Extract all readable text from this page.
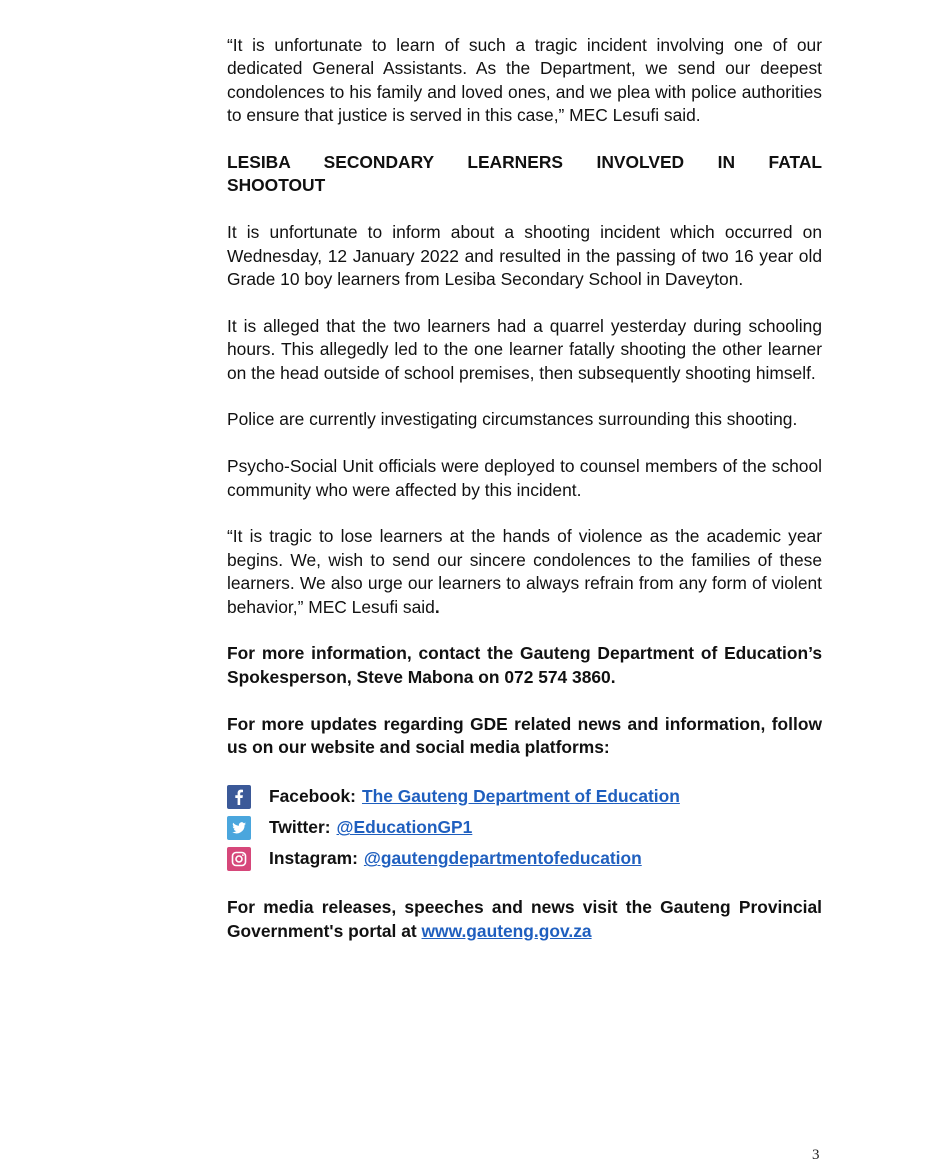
“It is unfortunate to learn of such a tragic incident involving one of our dedicated General Assistants. As the Department, we send our deepest condolences to his family and loved ones, and we plea with police authorities to ensure that justice is served in this case,” MEC Lesufi said.

LESIBA SECONDARY LEARNERS INVOLVED IN FATAL
SHOOTOUT

It is unfortunate to inform about a shooting incident which occurred on Wednesday, 12 January 2022 and resulted in the passing of two 16 year old Grade 10 boy learners from Lesiba Secondary School in Daveyton.

It is alleged that the two learners had a quarrel yesterday during schooling hours. This allegedly led to the one learner fatally shooting the other learner on the head outside of school premises, then subsequently shooting himself.

Police are currently investigating circumstances surrounding this shooting.

Psycho-Social Unit officials were deployed to counsel members of the school community who were affected by this incident.

“It is tragic to lose learners at the hands of violence as the academic year begins. We, wish to send our sincere condolences to the families of these learners. We also urge our learners to always refrain from any form of violent behavior,” MEC Lesufi said.

For more information, contact the Gauteng Department of Education’s Spokesperson, Steve Mabona on 072 574 3860.

For more updates regarding GDE related news and information, follow us on our website and social media platforms:

Facebook: The Gauteng Department of Education
Twitter: @EducationGP1
Instagram: @gautengdepartmentofeducation

For media releases, speeches and news visit the Gauteng Provincial Government's portal at www.gauteng.gov.za

3
